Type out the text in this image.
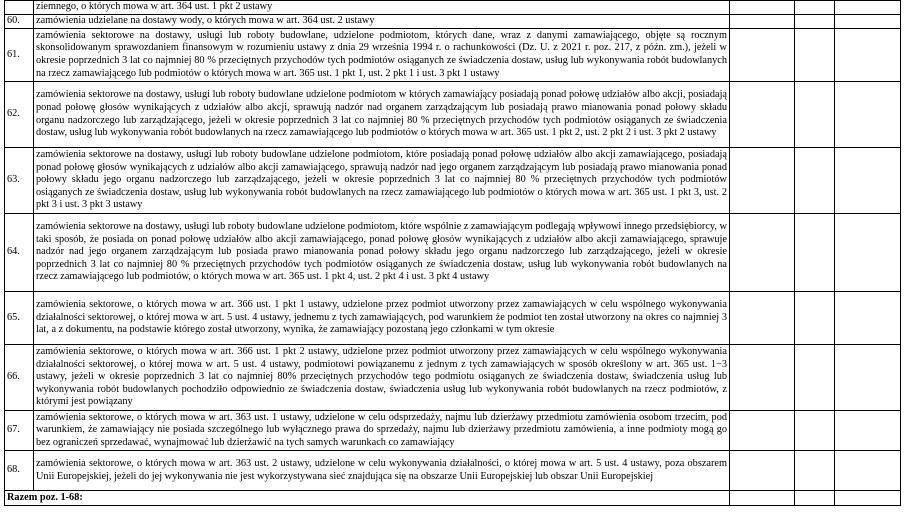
	ziemnego, o których mowa w art. 364 ust. 1 pkt 2 ustawy			
60.	zamówienia udzielane na dostawy wody, o których mowa w art. 364 ust. 2 ustawy			
61.	zamówienia sektorowe na dostawy, usługi lub roboty budowlane, udzielone podmiotom, których dane, wraz z danymi zamawiającego, objęte są rocznym skonsolidowanym sprawozdaniem finansowym w rozumieniu ustawy z dnia 29 września 1994 r. o rachunkowości (Dz. U. z 2021 r. poz. 217, z późn. zm.), jeżeli w okresie poprzednich 3 lat co najmniej 80 % przeciętnych przychodów tych podmiotów osiąganych ze świadczenia dostaw, usług lub wykonywania robót budowlanych na rzecz zamawiającego lub podmiotów o których mowa w art. 365 ust. 1 pkt 1, ust. 2 pkt 1 i ust. 3 pkt 1 ustawy			
62.	zamówienia sektorowe na dostawy, usługi lub roboty budowlane udzielone podmiotom w których zamawiający posiadają ponad połowę udziałów albo akcji, posiadają ponad połowę głosów wynikających z udziałów albo akcji, sprawują nadzór nad organem zarządzającym lub posiadają prawo mianowania ponad połowy składu organu nadzorczego lub zarządzającego, jeżeli w okresie poprzednich 3 lat co najmniej 80 % przeciętnych przychodów tych podmiotów osiąganych ze świadczenia dostaw, usług lub wykonywania robót budowlanych na rzecz zamawiającego lub podmiotów o których mowa w art. 365 ust. 1 pkt 2, ust. 2 pkt 2 i ust. 3 pkt 2 ustawy			
63.	zamówienia sektorowe na dostawy, usługi lub roboty budowlane udzielone podmiotom, które posiadają ponad połowę udziałów albo akcji zamawiającego, posiadają ponad połowę głosów wynikających z udziałów albo akcji zamawiającego, sprawują nadzór nad jego organem zarządzającym lub posiadają prawo mianowania ponad połowy składu jego organu nadzorczego lub zarządzającego, jeżeli w okresie poprzednich 3 lat co najmniej 80 % przeciętnych przychodów tych podmiotów osiąganych ze świadczenia dostaw, usług lub wykonywania robót budowlanych na rzecz zamawiającego lub podmiotów o których mowa w art. 365 ust. 1 pkt 3, ust. 2 pkt 3 i ust. 3 pkt 3 ustawy			
64.	zamówienia sektorowe na dostawy, usługi lub roboty budowlane udzielone podmiotom, które wspólnie z zamawiającym podlegają wpływowi innego przedsiębiorcy, w taki sposób, że posiada on ponad połowę udziałów albo akcji zamawiającego, ponad połowę głosów wynikających z udziałów albo akcji zamawiającego, sprawuje nadzór nad jego organem zarządzającym lub posiada prawo mianowania ponad połowy składu jego organu nadzorczego lub zarządzającego, jeżeli w okresie poprzednich 3 lat co najmniej 80 % przeciętnych przychodów tych podmiotów osiąganych ze świadczenia dostaw, usług lub wykonywania robót budowlanych na rzecz zamawiającego lub podmiotów, o których mowa w art. 365 ust. 1 pkt 4, ust. 2 pkt 4 i ust. 3 pkt 4 ustawy			
65.	zamówienia sektorowe, o których mowa w art. 366 ust. 1 pkt 1 ustawy, udzielone przez podmiot utworzony przez zamawiających w celu wspólnego wykonywania działalności sektorowej, o której mowa w art. 5 ust. 4 ustawy, jednemu z tych zamawiających, pod warunkiem że podmiot ten został utworzony na okres co najmniej 3 lat, a z dokumentu, na podstawie którego został utworzony, wynika, że zamawiający pozostaną jego członkami w tym okresie			
66.	zamówienia sektorowe, o których mowa w art. 366 ust. 1 pkt 2 ustawy, udzielone przez podmiot utworzony przez zamawiających w celu wspólnego wykonywania działalności sektorowej, o której mowa w art. 5 ust. 4 ustawy, podmiotowi powiązanemu z jednym z tych zamawiających w sposób określony w art. 365 ust. 1−3 ustawy, jeżeli w okresie poprzednich 3 lat co najmniej 80% przeciętnych przychodów tego podmiotu osiąganych ze świadczenia dostaw, świadczenia usług lub wykonywania robót budowlanych pochodziło odpowiednio ze świadczenia dostaw, świadczenia usług lub wykonywania robót budowlanych na rzecz podmiotów, z którymi jest powiązany			
67.	zamówienia sektorowe, o których mowa w art. 363 ust. 1 ustawy, udzielone w celu odsprzedaży, najmu lub dzierżawy przedmiotu zamówienia osobom trzecim, pod warunkiem, że zamawiający nie posiada szczególnego lub wyłącznego prawa do sprzedaży, najmu lub dzierżawy przedmiotu zamówienia, a inne podmioty mogą go bez ograniczeń sprzedawać, wynajmować lub dzierżawić na tych samych warunkach co zamawiający			
68.	zamówienia sektorowe, o których mowa w art. 363 ust. 2 ustawy, udzielone w celu wykonywania działalności, o której mowa w art. 5 ust. 4 ustawy, poza obszarem Unii Europejskiej, jeżeli do jej wykonywania nie jest wykorzystywana sieć znajdująca się na obszarze Unii Europejskiej lub obszar Unii Europejskiej			
Razem poz. 1-68:				
